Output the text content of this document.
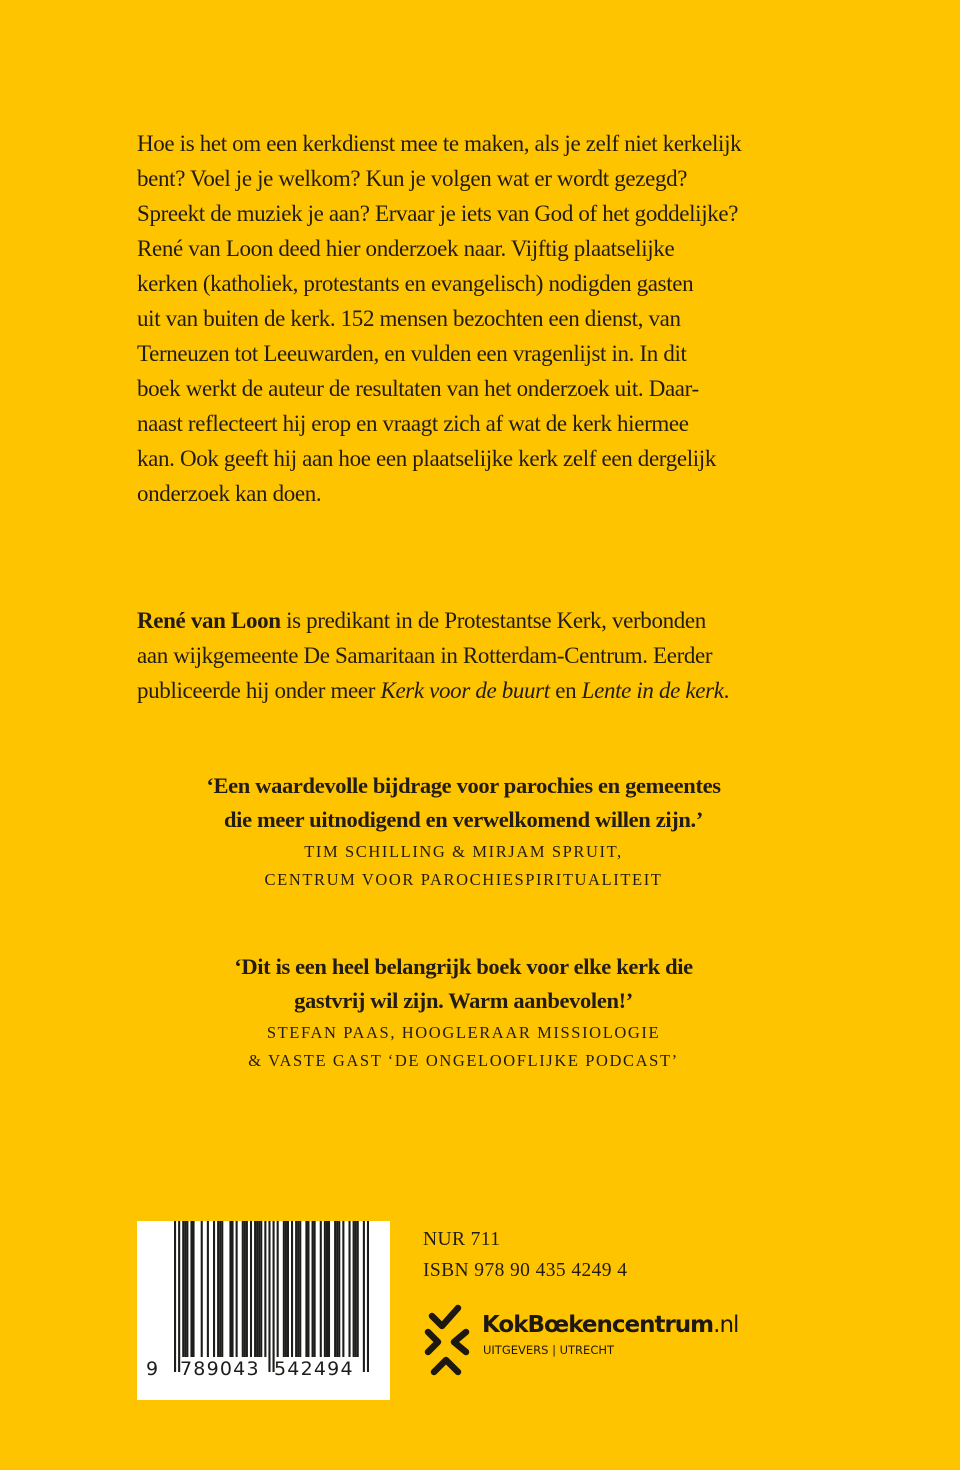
Hoe is het om een kerkdienst mee te maken, als je zelf niet kerkelijk
bent? Voel je je welkom? Kun je volgen wat er wordt gezegd?
Spreekt de muziek je aan? Ervaar je iets van God of het goddelijke?
René van Loon deed hier onderzoek naar. Vijftig plaatselijke
kerken (katholiek, protestants en evangelisch) nodigden gasten
uit van buiten de kerk. 152 mensen bezochten een dienst, van
Terneuzen tot Leeuwarden, en vulden een vragenlijst in. In dit
boek werkt de auteur de resultaten van het onderzoek uit. Daar-
naast reflecteert hij erop en vraagt zich af wat de kerk hiermee
kan. Ook geeft hij aan hoe een plaatselijke kerk zelf een dergelijk
onderzoek kan doen.
René van Loon is predikant in de Protestantse Kerk, verbonden
aan wijkgemeente De Samaritaan in Rotterdam-Centrum. Eerder
publiceerde hij onder meer Kerk voor de buurt en Lente in de kerk.
‘Een waardevolle bijdrage voor parochies en gemeentes
die meer uitnodigend en verwelkomend willen zijn.’
TIM SCHILLING & MIRJAM SPRUIT,
CENTRUM VOOR PAROCHIESPIRITUALITEIT
‘Dit is een heel belangrijk boek voor elke kerk die
gastvrij wil zijn. Warm aanbevolen!’
STEFAN PAAS, HOOGLERAAR MISSIOLOGIE
& VASTE GAST ‘DE ONGELOOFLIJKE PODCAST’
9 789043 542494
NUR 711
ISBN 978 90 435 4249 4
KokBœkencentrum.nl
UITGEVERS | UTRECHT
